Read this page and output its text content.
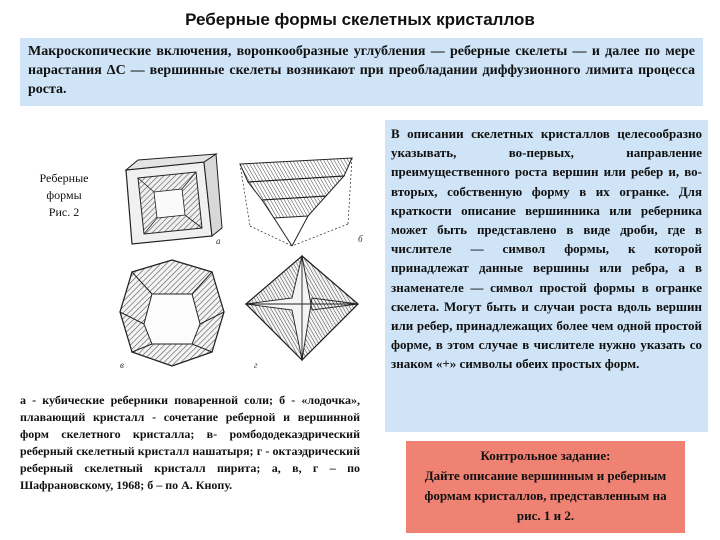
Реберные формы скелетных кристаллов
Макроскопические включения, воронкообразные углубления — реберные скелеты — и далее по мере нарастания ΔС — вершинные скелеты возникают при преобладании диффузионного лимита процесса роста.
Реберные
формы
Рис. 2
а	б
в	г
а - кубические реберники поваренной соли; б - «лодочка», плавающий кристалл - сочетание реберной и вершинной форм скелетного кристалла; в- ромбододекаэдрический реберный скелетный кристалл нашатыря; г - октаэдрический реберный скелетный кристалл пирита; а, в, г – по Шафрановскому, 1968; б – по А. Кнопу.
В описании скелетных кристаллов целесообразно указывать, во-первых, направление преимущественного роста вершин или ребер и, во-вторых, собственную форму в их огранке. Для краткости описание вершинника или реберника может быть представлено в виде дроби, где в числителе — символ формы, к которой принадлежат данные вершины или ребра, а в знаменателе — символ простой формы в огранке скелета. Могут быть и случаи роста вдоль вершин или ребер, принадлежащих более чем одной простой форме, в этом случае в числителе нужно указать со знаком «+» символы обеих простых форм.
Контрольное задание:
Дайте описание вершинным и реберным формам кристаллов, представленным на рис. 1 и 2.
